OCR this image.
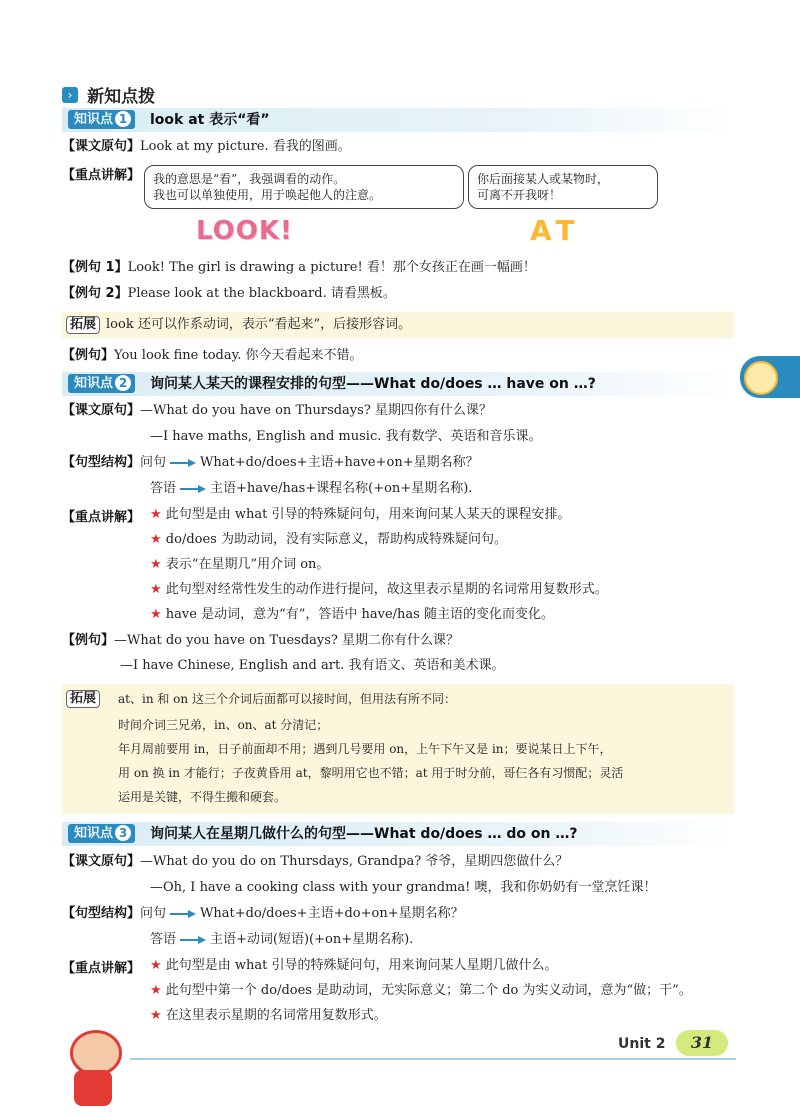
› 新知点拨
知识点 1	look at 表示“看”
【课文原句】Look at my picture. 看我的图画。
【重点讲解】 我的意思是“看”，我强调看的动作。
我也可以单独使用，用于唤起他人的注意。
你后面接某人或某物时，
可离不开我呀！
LOOK!	AT
【例句 1】Look! The girl is drawing a picture! 看！那个女孩正在画一幅画！
【例句 2】Please look at the blackboard. 请看黑板。
拓展 look 还可以作系动词，表示“看起来”，后接形容词。
【例句】You look fine today. 你今天看起来不错。
知识点 2	询问某人某天的课程安排的句型——What do/does … have on …?
【课文原句】—What do you have on Thursdays? 星期四你有什么课？
—I have maths, English and music. 我有数学、英语和音乐课。
【句型结构】问句	What+do/does+主语+have+on+星期名称？
答语	主语+have/has+课程名称(+on+星期名称).
【重点讲解】 ★ 此句型是由 what 引导的特殊疑问句，用来询问某人某天的课程安排。
★ do/does 为助动词，没有实际意义，帮助构成特殊疑问句。
★ 表示“在星期几”用介词 on。
★ 此句型对经常性发生的动作进行提问，故这里表示星期的名词常用复数形式。
★ have 是动词，意为“有”，答语中 have/has 随主语的变化而变化。
【例句】—What do you have on Tuesdays? 星期二你有什么课？
—I have Chinese, English and art. 我有语文、英语和美术课。
拓展	at、in 和 on 这三个介词后面都可以接时间，但用法有所不同：
时间介词三兄弟，in、on、at 分清记；
年月周前要用 in，日子前面却不用；遇到几号要用 on，上午下午又是 in；要说某日上下午，
用 on 换 in 才能行；子夜黄昏用 at，黎明用它也不错；at 用于时分前，哥仨各有习惯配；灵活
运用是关键，不得生搬和硬套。
知识点 3	询问某人在星期几做什么的句型——What do/does … do on …?
【课文原句】—What do you do on Thursdays, Grandpa? 爷爷，星期四您做什么？
—Oh, I have a cooking class with your grandma! 噢，我和你奶奶有一堂烹饪课！
【句型结构】问句	What+do/does+主语+do+on+星期名称？
答语	主语+动词(短语)(+on+星期名称).
【重点讲解】 ★ 此句型是由 what 引导的特殊疑问句，用来询问某人星期几做什么。
★ 此句型中第一个 do/does 是助动词，无实际意义；第二个 do 为实义动词，意为“做；干”。
★ 在这里表示星期的名词常用复数形式。
Unit 2	31
